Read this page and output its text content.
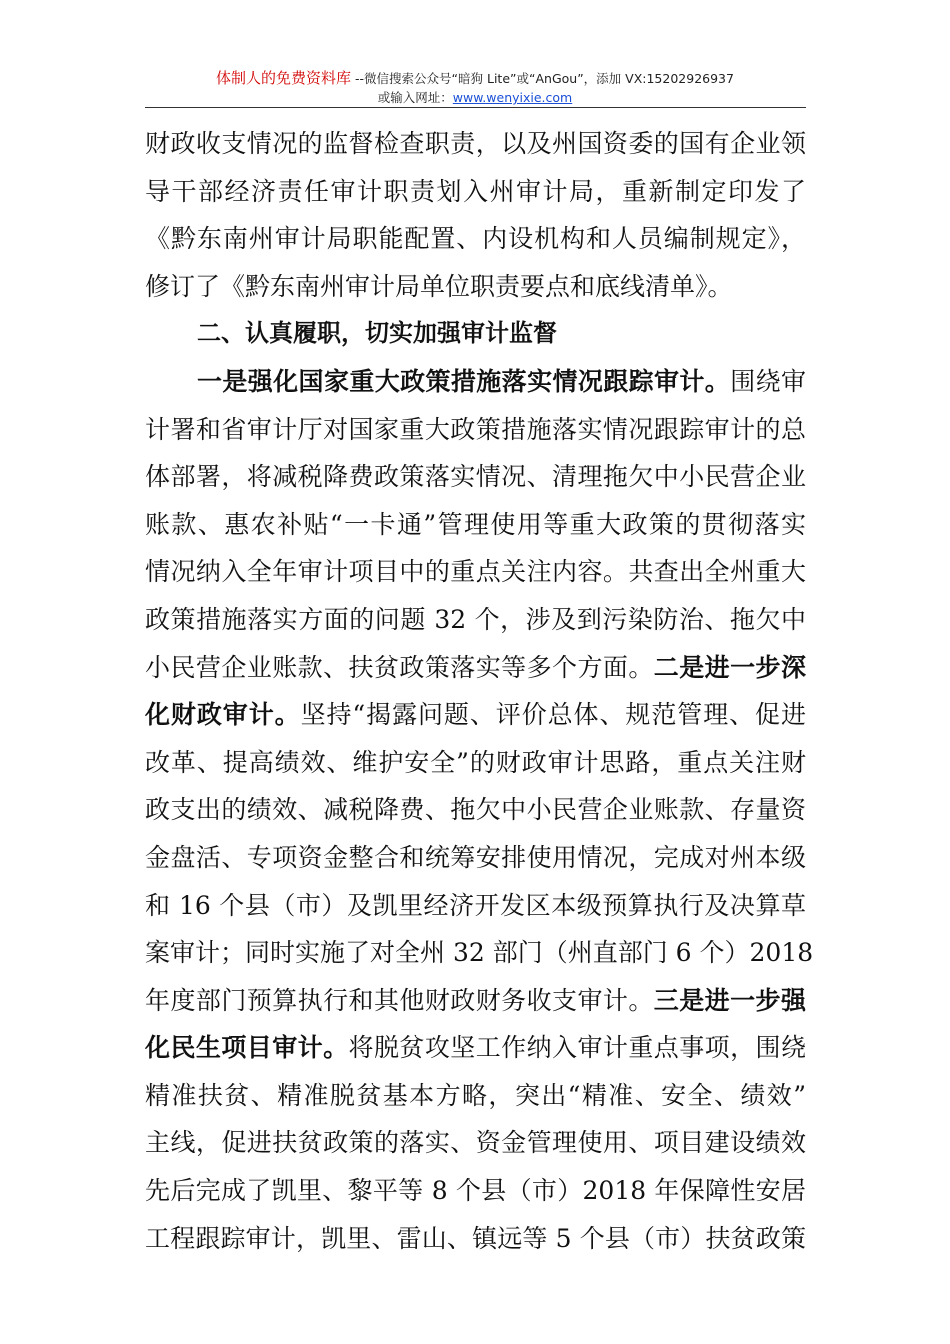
体制人的免费资料库 --微信搜索公众号“暗狗 Lite”或“AnGou”，添加 VX:15202926937
或输入网址：www.wenyixie.com
财政收支情况的监督检查职责，以及州国资委的国有企业领
导干部经济责任审计职责划入州审计局，重新制定印发了
《黔东南州审计局职能配置、内设机构和人员编制规定》，
修订了《黔东南州审计局单位职责要点和底线清单》。
二、认真履职，切实加强审计监督
一是强化国家重大政策措施落实情况跟踪审计。围绕审
计署和省审计厅对国家重大政策措施落实情况跟踪审计的总
体部署，将减税降费政策落实情况、清理拖欠中小民营企业
账款、惠农补贴“一卡通”管理使用等重大政策的贯彻落实
情况纳入全年审计项目中的重点关注内容。共查出全州重大
政策措施落实方面的问题 32 个，涉及到污染防治、拖欠中
小民营企业账款、扶贫政策落实等多个方面。二是进一步深
化财政审计。坚持“揭露问题、评价总体、规范管理、促进
改革、提高绩效、维护安全”的财政审计思路，重点关注财
政支出的绩效、减税降费、拖欠中小民营企业账款、存量资
金盘活、专项资金整合和统筹安排使用情况，完成对州本级
和 16 个县（市）及凯里经济开发区本级预算执行及决算草
案审计；同时实施了对全州 32 部门（州直部门 6 个）2018
年度部门预算执行和其他财政财务收支审计。三是进一步强
化民生项目审计。将脱贫攻坚工作纳入审计重点事项，围绕
精准扶贫、精准脱贫基本方略，突出“精准、安全、绩效”
主线，促进扶贫政策的落实、资金管理使用、项目建设绩效
先后完成了凯里、黎平等 8 个县（市）2018 年保障性安居
工程跟踪审计，凯里、雷山、镇远等 5 个县（市）扶贫政策
